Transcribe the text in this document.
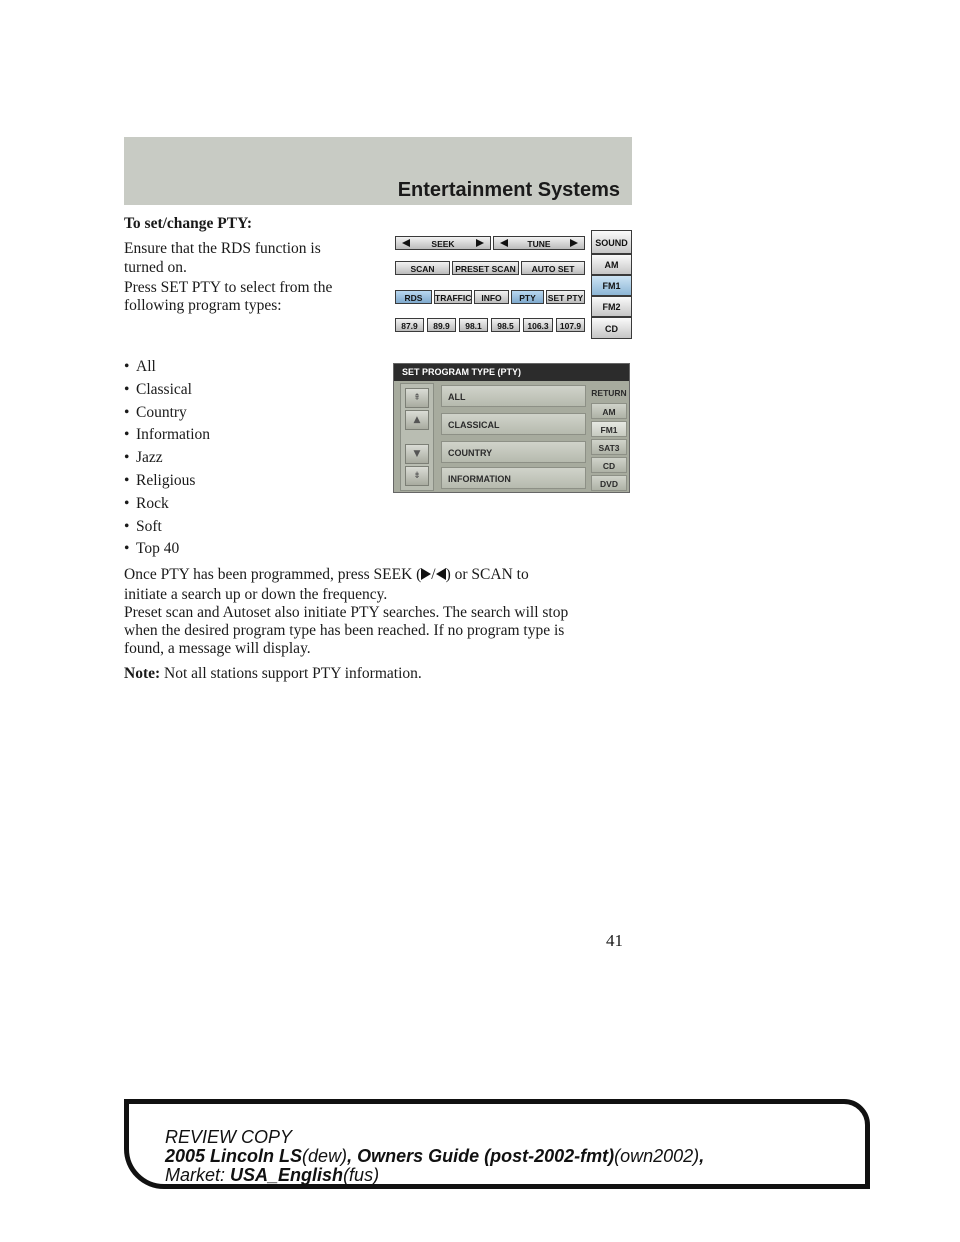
Entertainment Systems
To set/change PTY:
Ensure that the RDS function is
turned on.
Press SET PTY to select from the
following program types:
SEEK	TUNE
SCAN	PRESET SCAN	AUTO SET
RDS	TRAFFIC	INFO	PTY	SET PTY
87.9	89.9	98.1	98.5	106.3	107.9
SOUND
AM
FM1
FM2
CD
• All
• Classical
• Country
• Information
• Jazz
• Religious
• Rock
• Soft
• Top 40
SET PROGRAM TYPE (PTY)
⇞
▲
▼
⇟
ALL
CLASSICAL
COUNTRY
INFORMATION
RETURN
AM
FM1
SAT3
CD
DVD
Once PTY has been programmed, press SEEK ( / ) or SCAN to
initiate a search up or down the frequency.
Preset scan and Autoset also initiate PTY searches. The search will stop
when the desired program type has been reached. If no program type is
found, a message will display.
Note: Not all stations support PTY information.
41
REVIEW COPY
2005 Lincoln LS(dew), Owners Guide (post-2002-fmt)(own2002),
Market: USA_English(fus)
